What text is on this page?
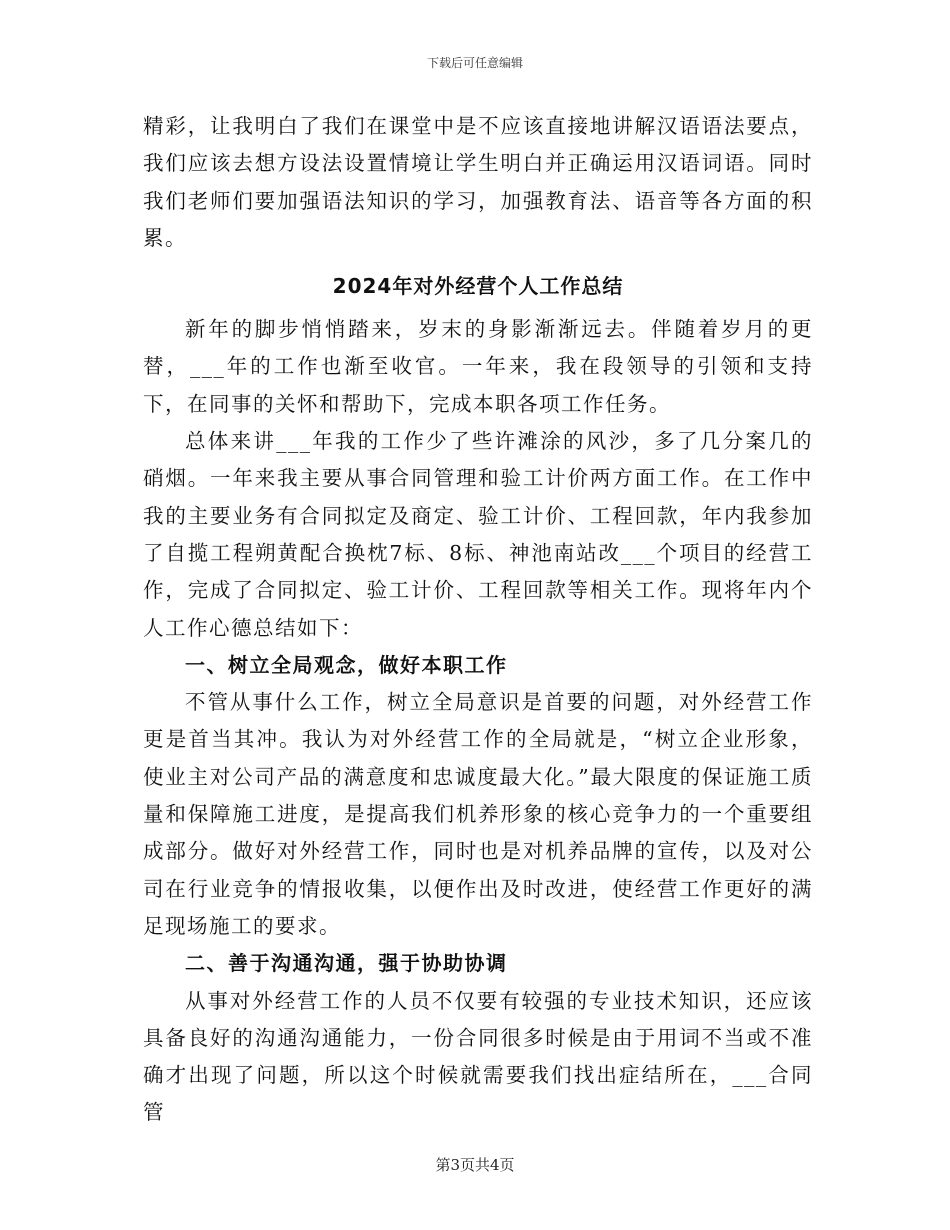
下载后可任意编辑

精彩，让我明白了我们在课堂中是不应该直接地讲解汉语语法要点，我们应该去想方设法设置情境让学生明白并正确运用汉语词语。同时我们老师们要加强语法知识的学习，加强教育法、语音等各方面的积累。

2024年对外经营个人工作总结

新年的脚步悄悄踏来，岁末的身影渐渐远去。伴随着岁月的更替，___年的工作也渐至收官。一年来，我在段领导的引领和支持下，在同事的关怀和帮助下，完成本职各项工作任务。

总体来讲___年我的工作少了些许滩涂的风沙，多了几分案几的硝烟。一年来我主要从事合同管理和验工计价两方面工作。在工作中我的主要业务有合同拟定及商定、验工计价、工程回款，年内我参加了自揽工程朔黄配合换枕7标、8标、神池南站改___个项目的经营工作，完成了合同拟定、验工计价、工程回款等相关工作。现将年内个人工作心德总结如下：

一、树立全局观念，做好本职工作

不管从事什么工作，树立全局意识是首要的问题，对外经营工作更是首当其冲。我认为对外经营工作的全局就是，“树立企业形象，使业主对公司产品的满意度和忠诚度最大化。”最大限度的保证施工质量和保障施工进度，是提高我们机养形象的核心竞争力的一个重要组成部分。做好对外经营工作，同时也是对机养品牌的宣传，以及对公司在行业竞争的情报收集，以便作出及时改进，使经营工作更好的满足现场施工的要求。

二、善于沟通沟通，强于协助协调

从事对外经营工作的人员不仅要有较强的专业技术知识，还应该具备良好的沟通沟通能力，一份合同很多时候是由于用词不当或不准确才出现了问题，所以这个时候就需要我们找出症结所在，___合同管

第3页共4页
